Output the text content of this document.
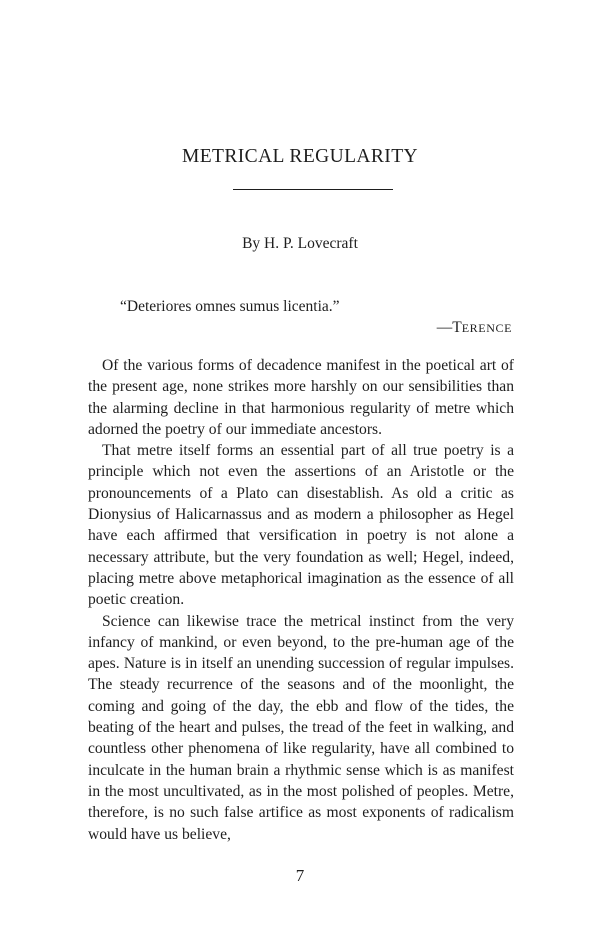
METRICAL REGULARITY
By H. P. Lovecraft
“Deteriores omnes sumus licentia.”
—TERENCE

Of the various forms of decadence manifest in the poetical art of the present age, none strikes more harshly on our sensibilities than the alarming decline in that harmonious regularity of metre which adorned the poetry of our immediate ancestors.

That metre itself forms an essential part of all true poetry is a principle which not even the assertions of an Aristotle or the pronouncements of a Plato can disestablish. As old a critic as Dionysius of Halicarnassus and as modern a philosopher as Hegel have each affirmed that versification in poetry is not alone a necessary attribute, but the very foundation as well; Hegel, indeed, placing metre above metaphorical imagination as the essence of all poetic creation.

Science can likewise trace the metrical instinct from the very infancy of mankind, or even beyond, to the pre-human age of the apes. Nature is in itself an unending succession of regular impulses. The steady recurrence of the seasons and of the moonlight, the coming and going of the day, the ebb and flow of the tides, the beating of the heart and pulses, the tread of the feet in walking, and countless other phenomena of like regularity, have all combined to inculcate in the human brain a rhythmic sense which is as manifest in the most uncultivated, as in the most polished of peoples. Metre, therefore, is no such false artifice as most exponents of radicalism would have us believe,

7
